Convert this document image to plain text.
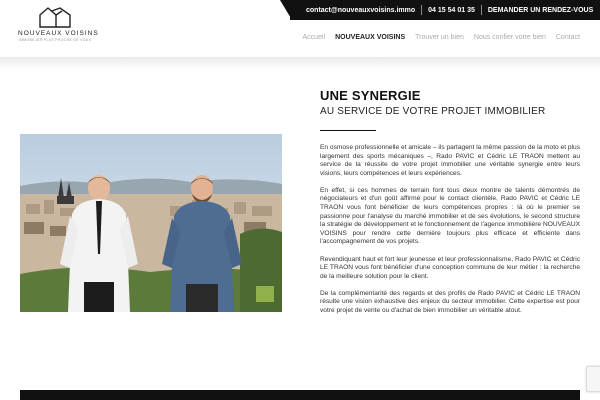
NOUVEAUX VOISINS
IMMOBILIER PLUS PROCHE DE VOUS	Accueil NOUVEAUX VOISINS Trouver un bien Nous confier votre bien Contact
contact@nouveauxvoisins.immo	04 15 54 01 35	DEMANDER UN RENDEZ-VOUS
UNE SYNERGIE
AU SERVICE DE VOTRE PROJET IMMOBILIER

En osmose professionnelle et amicale – ils partagent la même passion de la moto et plus largement des sports mécaniques –, Rado PAVIC et Cédric LE TRAON mettent au service de la réussite de votre projet immobilier une véritable synergie entre leurs visions, leurs compétences et leurs expériences.

En effet, si ces hommes de terrain font tous deux montre de talents démontrés de négociateurs et d'un goût affirmé pour le contact clientèle, Rado PAVIC et Cédric LE TRAON vous font bénéficier de leurs compétences propres : là où le premier se passionne pour l'analyse du marché immobilier et de ses évolutions, le second structure la stratégie de développement et le fonctionnement de l'agence immobilière NOUVEAUX VOISINS pour rendre cette dernière toujours plus efficace et efficiente dans l'accompagnement de vos projets.

Revendiquant haut et fort leur jeunesse et leur professionnalisme, Rado PAVIC et Cédric LE TRAON vous font bénéficier d'une conception commune de leur métier : la recherche de la meilleure solution pour le client.

De la complémentarité des regards et des profils de Rado PAVIC et Cédric LE TRAON résulte une vision exhaustive des enjeux du secteur immobilier. Cette expertise est pour votre projet de vente ou d'achat de bien immobilier un véritable atout.
